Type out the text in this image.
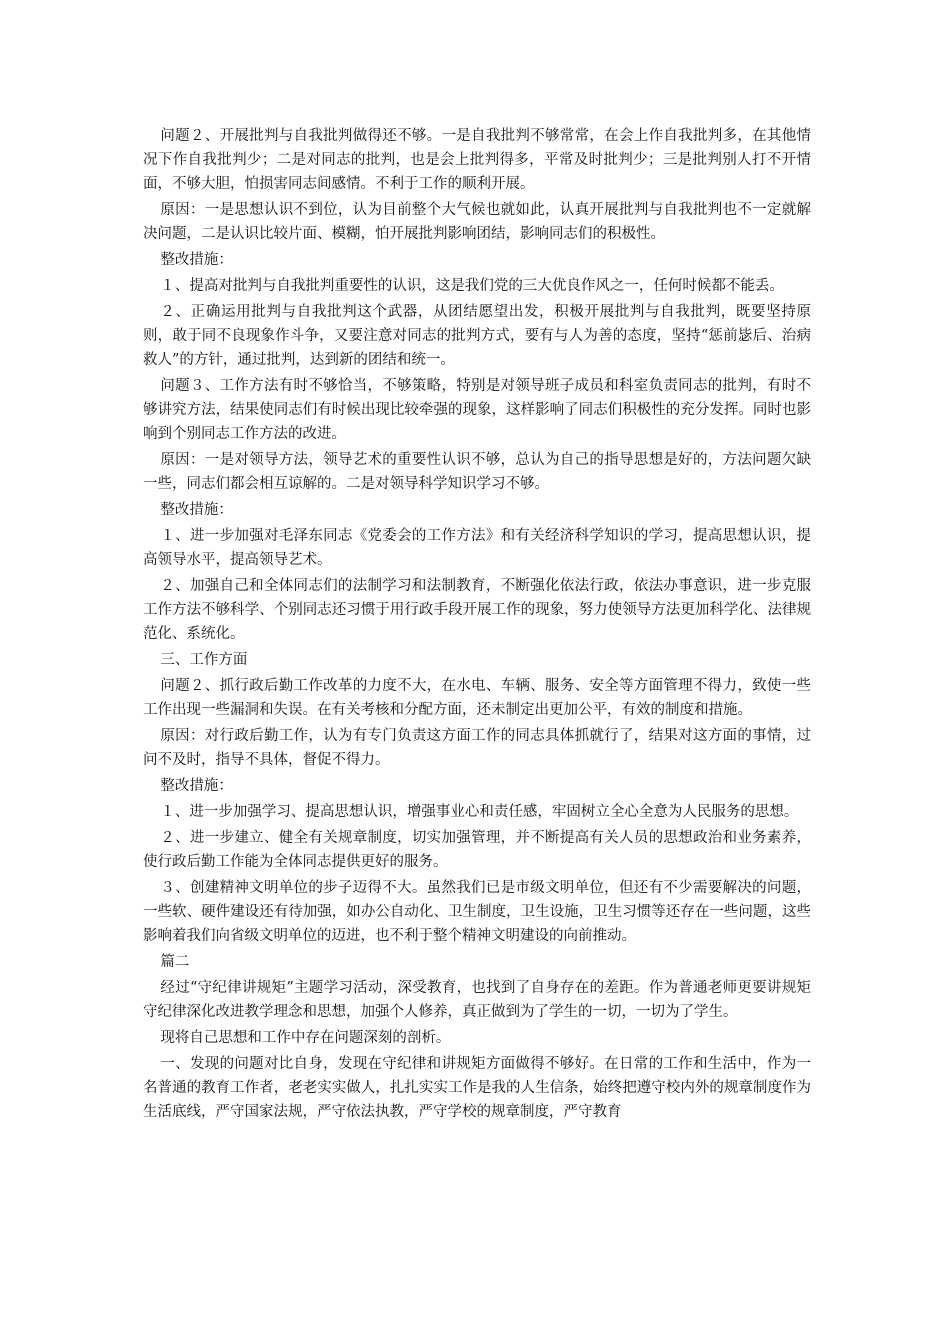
问题２、开展批判与自我批判做得还不够。一是自我批判不够常常，在会上作自我批判多，在其他情况下作自我批判少；二是对同志的批判，也是会上批判得多，平常及时批判少；三是批判别人打不开情面，不够大胆，怕损害同志间感情。不利于工作的顺利开展。

原因：一是思想认识不到位，认为目前整个大气候也就如此，认真开展批判与自我批判也不一定就解决问题，二是认识比较片面、模糊，怕开展批判影响团结，影响同志们的积极性。

整改措施：

１、提高对批判与自我批判重要性的认识，这是我们党的三大优良作风之一，任何时候都不能丢。

２、正确运用批判与自我批判这个武器，从团结愿望出发，积极开展批判与自我批判，既要坚持原则，敢于同不良现象作斗争，又要注意对同志的批判方式，要有与人为善的态度，坚持“惩前毖后、治病救人”的方针，通过批判，达到新的团结和统一。

问题３、工作方法有时不够恰当，不够策略，特别是对领导班子成员和科室负责同志的批判，有时不够讲究方法，结果使同志们有时候出现比较牵强的现象，这样影响了同志们积极性的充分发挥。同时也影响到个别同志工作方法的改进。

原因：一是对领导方法，领导艺术的重要性认识不够，总认为自己的指导思想是好的，方法问题欠缺一些，同志们都会相互谅解的。二是对领导科学知识学习不够。

整改措施：

１、进一步加强对毛泽东同志《党委会的工作方法》和有关经济科学知识的学习，提高思想认识，提高领导水平，提高领导艺术。

２、加强自己和全体同志们的法制学习和法制教育，不断强化依法行政，依法办事意识，进一步克服工作方法不够科学、个别同志还习惯于用行政手段开展工作的现象，努力使领导方法更加科学化、法律规范化、系统化。

三、工作方面

问题２、抓行政后勤工作改革的力度不大，在水电、车辆、服务、安全等方面管理不得力，致使一些工作出现一些漏洞和失误。在有关考核和分配方面，还未制定出更加公平，有效的制度和措施。

原因：对行政后勤工作，认为有专门负责这方面工作的同志具体抓就行了，结果对这方面的事情，过问不及时，指导不具体，督促不得力。

整改措施：

１、进一步加强学习、提高思想认识，增强事业心和责任感，牢固树立全心全意为人民服务的思想。

２、进一步建立、健全有关规章制度，切实加强管理，并不断提高有关人员的思想政治和业务素养，使行政后勤工作能为全体同志提供更好的服务。

３、创建精神文明单位的步子迈得不大。虽然我们已是市级文明单位，但还有不少需要解决的问题，一些软、硬件建设还有待加强，如办公自动化、卫生制度，卫生设施，卫生习惯等还存在一些问题，这些影响着我们向省级文明单位的迈进，也不利于整个精神文明建设的向前推动。

篇二

经过“守纪律讲规矩”主题学习活动，深受教育，也找到了自身存在的差距。作为普通老师更要讲规矩守纪律深化改进教学理念和思想，加强个人修养，真正做到为了学生的一切，一切为了学生。

现将自己思想和工作中存在问题深刻的剖析。

一、发现的问题对比自身，发现在守纪律和讲规矩方面做得不够好。在日常的工作和生活中，作为一名普通的教育工作者，老老实实做人，扎扎实实工作是我的人生信条，始终把遵守校内外的规章制度作为生活底线，严守国家法规，严守依法执教，严守学校的规章制度，严守教育
